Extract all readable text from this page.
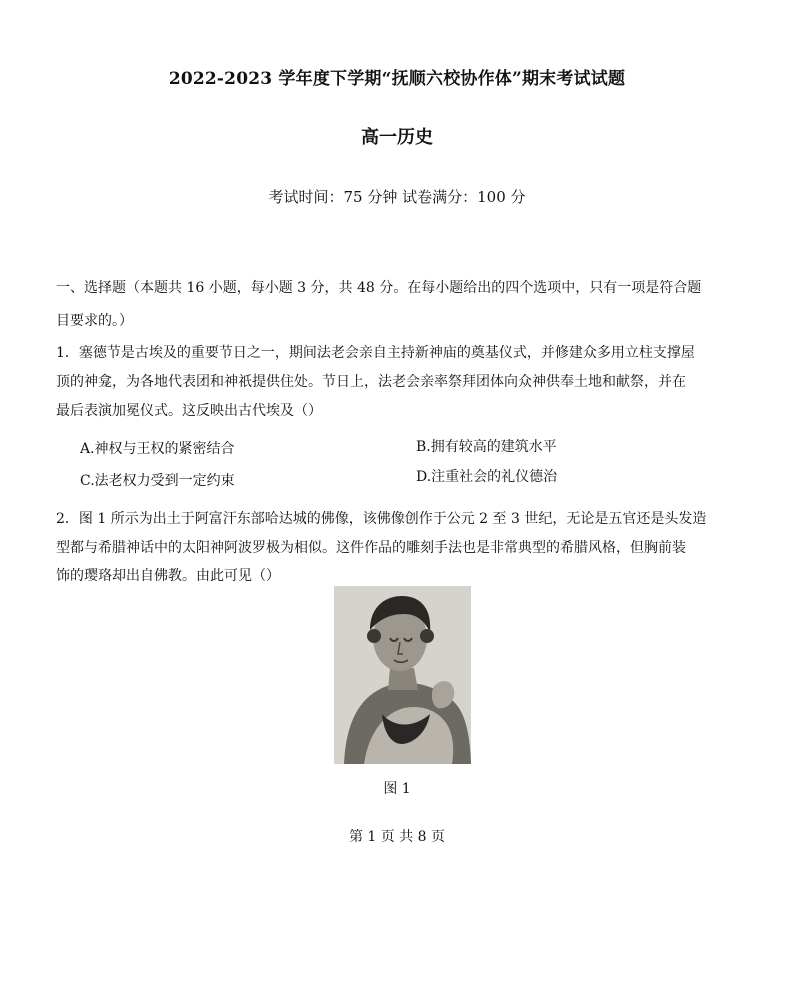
2022-2023 学年度下学期“抚顺六校协作体”期末考试试题
高一历史
考试时间：75 分钟 试卷满分：100 分
一、选择题（本题共 16 小题，每小题 3 分，共 48 分。在每小题给出的四个选项中，只有一项是符合题
目要求的。）
1．塞德节是古埃及的重要节日之一，期间法老会亲自主持新神庙的奠基仪式，并修建众多用立柱支撑屋
顶的神龛，为各地代表团和神祇提供住处。节日上，法老会亲率祭拜团体向众神供奉土地和献祭，并在
最后表演加冕仪式。这反映出古代埃及（）
A.神权与王权的紧密结合	B.拥有较高的建筑水平
C.法老权力受到一定约束	D.注重社会的礼仪德治
2．图 1 所示为出土于阿富汗东部哈达城的佛像，该佛像创作于公元 2 至 3 世纪，无论是五官还是头发造
型都与希腊神话中的太阳神阿波罗极为相似。这件作品的雕刻手法也是非常典型的希腊风格，但胸前装
饰的璎珞却出自佛教。由此可见（）
图 1
第 1 页 共 8 页
